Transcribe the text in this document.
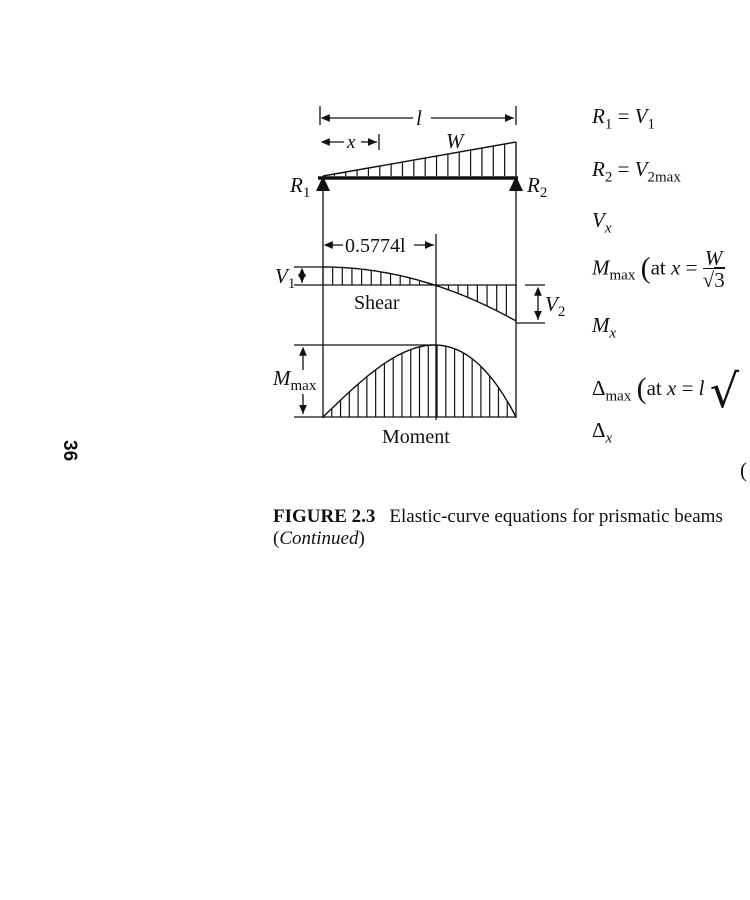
36
l
x	W
$R_1$	$R_2$
0.5774l
$V_1$
Shear	$V_2$
$M_{max}$
Moment
$R_1 = V_1$
$R_2 = V_{2max}$
$V_x$
$M_{max}$ (at $x = \frac{W}{√3}$
$M_x$
$\Delta_{max}$ (at x = l √
$\Delta_x$
(
FIGURE 2.3 Elastic-curve equations for prismatic beams
(Continued)
